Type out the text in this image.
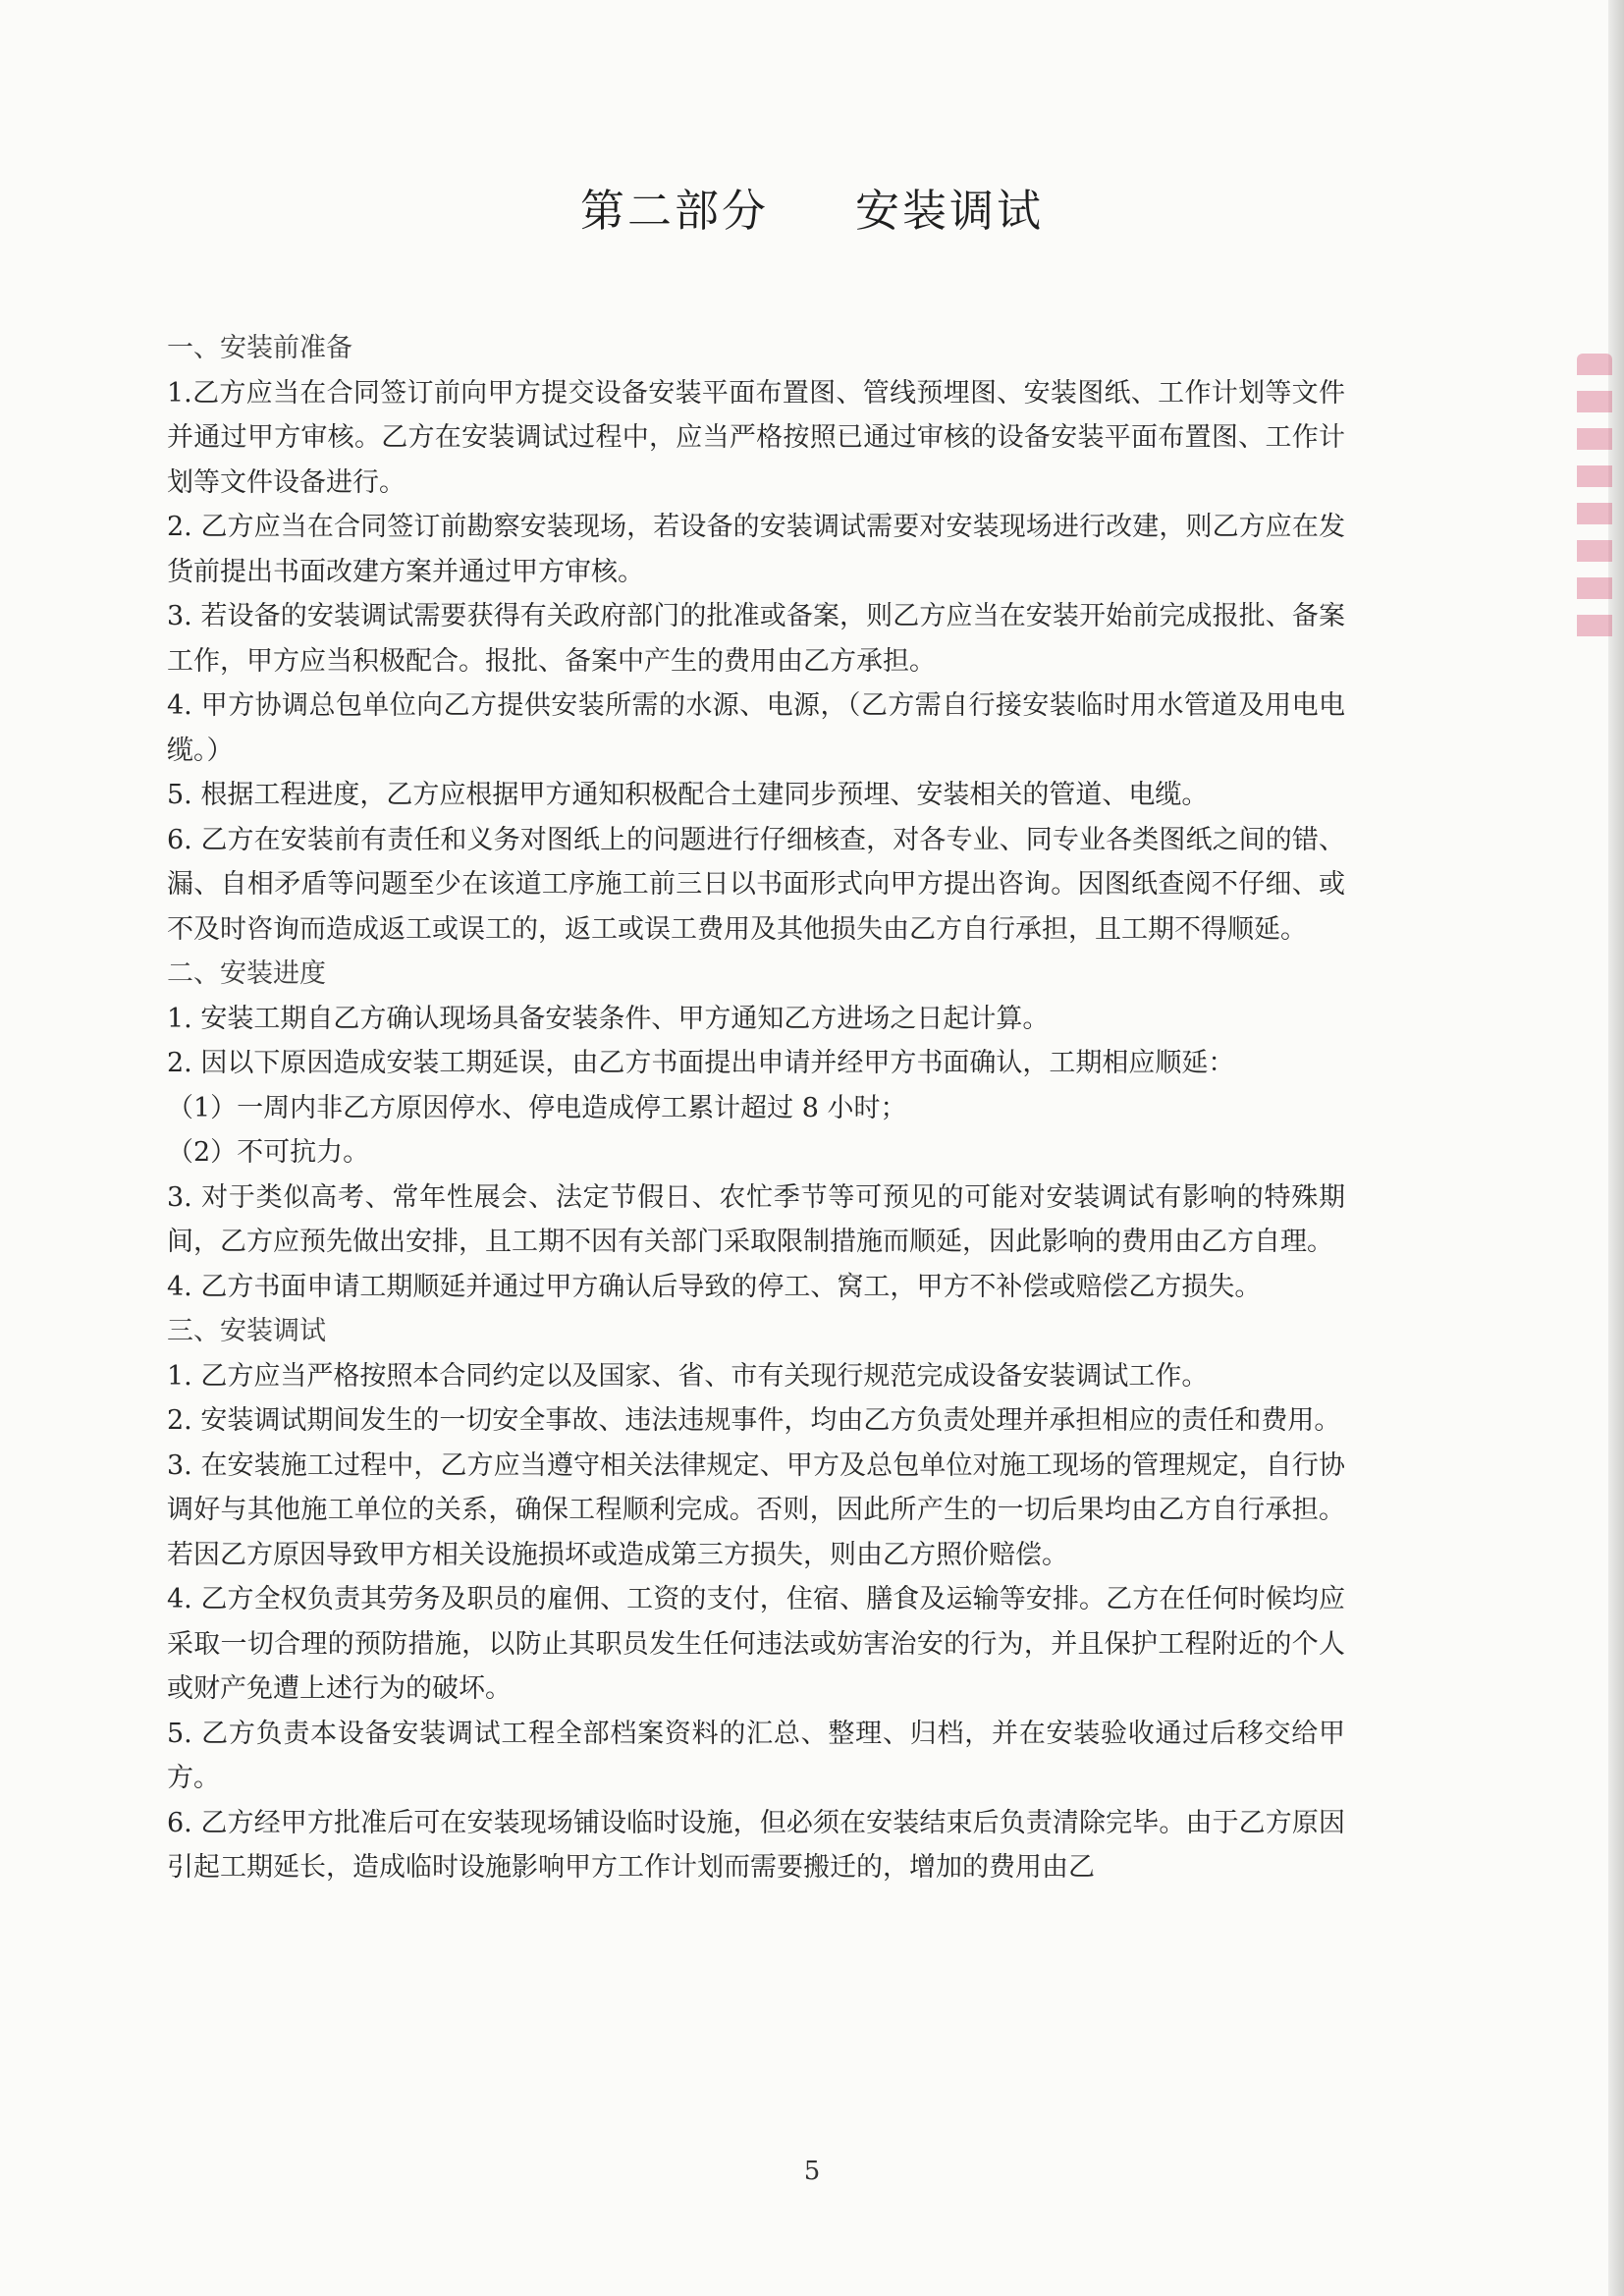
第二部分 安装调试

一、安装前准备

1.乙方应当在合同签订前向甲方提交设备安装平面布置图、管线预埋图、安装图纸、工作计划等文件并通过甲方审核。乙方在安装调试过程中，应当严格按照已通过审核的设备安装平面布置图、工作计划等文件设备进行。

2. 乙方应当在合同签订前勘察安装现场，若设备的安装调试需要对安装现场进行改建，则乙方应在发货前提出书面改建方案并通过甲方审核。

3. 若设备的安装调试需要获得有关政府部门的批准或备案，则乙方应当在安装开始前完成报批、备案工作，甲方应当积极配合。报批、备案中产生的费用由乙方承担。

4. 甲方协调总包单位向乙方提供安装所需的水源、电源，（乙方需自行接安装临时用水管道及用电电缆。）

5. 根据工程进度，乙方应根据甲方通知积极配合土建同步预埋、安装相关的管道、电缆。

6. 乙方在安装前有责任和义务对图纸上的问题进行仔细核查，对各专业、同专业各类图纸之间的错、漏、自相矛盾等问题至少在该道工序施工前三日以书面形式向甲方提出咨询。因图纸查阅不仔细、或不及时咨询而造成返工或误工的，返工或误工费用及其他损失由乙方自行承担，且工期不得顺延。

二、安装进度

1. 安装工期自乙方确认现场具备安装条件、甲方通知乙方进场之日起计算。

2. 因以下原因造成安装工期延误，由乙方书面提出申请并经甲方书面确认，工期相应顺延：

（1）一周内非乙方原因停水、停电造成停工累计超过 8 小时；

（2）不可抗力。

3. 对于类似高考、常年性展会、法定节假日、农忙季节等可预见的可能对安装调试有影响的特殊期间，乙方应预先做出安排，且工期不因有关部门采取限制措施而顺延，因此影响的费用由乙方自理。

4. 乙方书面申请工期顺延并通过甲方确认后导致的停工、窝工，甲方不补偿或赔偿乙方损失。

三、安装调试

1. 乙方应当严格按照本合同约定以及国家、省、市有关现行规范完成设备安装调试工作。

2. 安装调试期间发生的一切安全事故、违法违规事件，均由乙方负责处理并承担相应的责任和费用。

3. 在安装施工过程中，乙方应当遵守相关法律规定、甲方及总包单位对施工现场的管理规定，自行协调好与其他施工单位的关系，确保工程顺利完成。否则，因此所产生的一切后果均由乙方自行承担。若因乙方原因导致甲方相关设施损坏或造成第三方损失，则由乙方照价赔偿。

4. 乙方全权负责其劳务及职员的雇佣、工资的支付，住宿、膳食及运输等安排。乙方在任何时候均应采取一切合理的预防措施，以防止其职员发生任何违法或妨害治安的行为，并且保护工程附近的个人或财产免遭上述行为的破坏。

5. 乙方负责本设备安装调试工程全部档案资料的汇总、整理、归档，并在安装验收通过后移交给甲方。

6. 乙方经甲方批准后可在安装现场铺设临时设施，但必须在安装结束后负责清除完毕。由于乙方原因引起工期延长，造成临时设施影响甲方工作计划而需要搬迁的，增加的费用由乙

5
